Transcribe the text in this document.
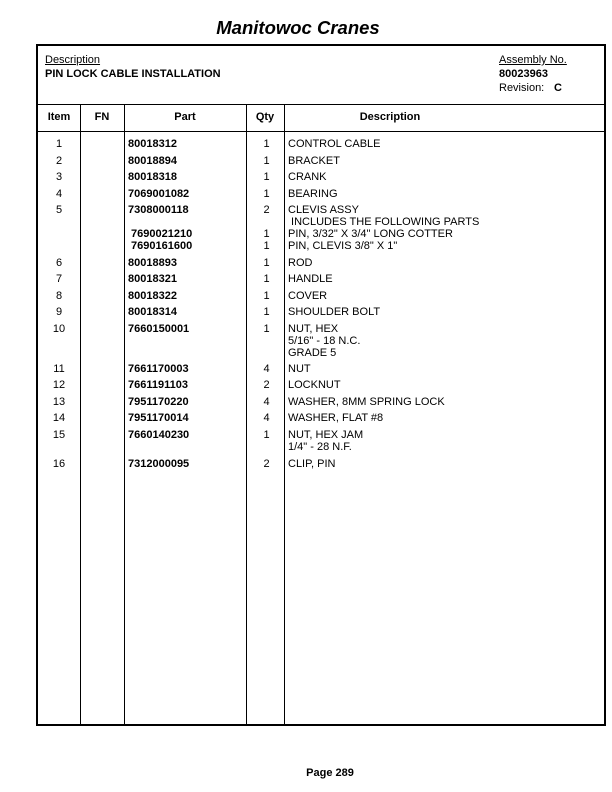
Manitowoc Cranes
Description
PIN LOCK CABLE INSTALLATION
Assembly No.
80023963
Revision: C
Item	FN	Part	Qty	Description
1	80018312	1	CONTROL CABLE
2	80018894	1	BRACKET
3	80018318	1	CRANK
4	7069001082	1	BEARING
5	7308000118	2	CLEVIS ASSY
INCLUDES THE FOLLOWING PARTS
7690021210	1	PIN, 3/32" X 3/4" LONG COTTER
7690161600	1	PIN, CLEVIS 3/8" X 1"
6	80018893	1	ROD
7	80018321	1	HANDLE
8	80018322	1	COVER
9	80018314	1	SHOULDER BOLT
10	7660150001	1	NUT, HEX
5/16" - 18 N.C.
GRADE 5
11	7661170003	4	NUT
12	7661191103	2	LOCKNUT
13	7951170220	4	WASHER, 8MM SPRING LOCK
14	7951170014	4	WASHER, FLAT #8
15	7660140230	1	NUT, HEX JAM
1/4" - 28 N.F.
16	7312000095	2	CLIP, PIN
Page 289
